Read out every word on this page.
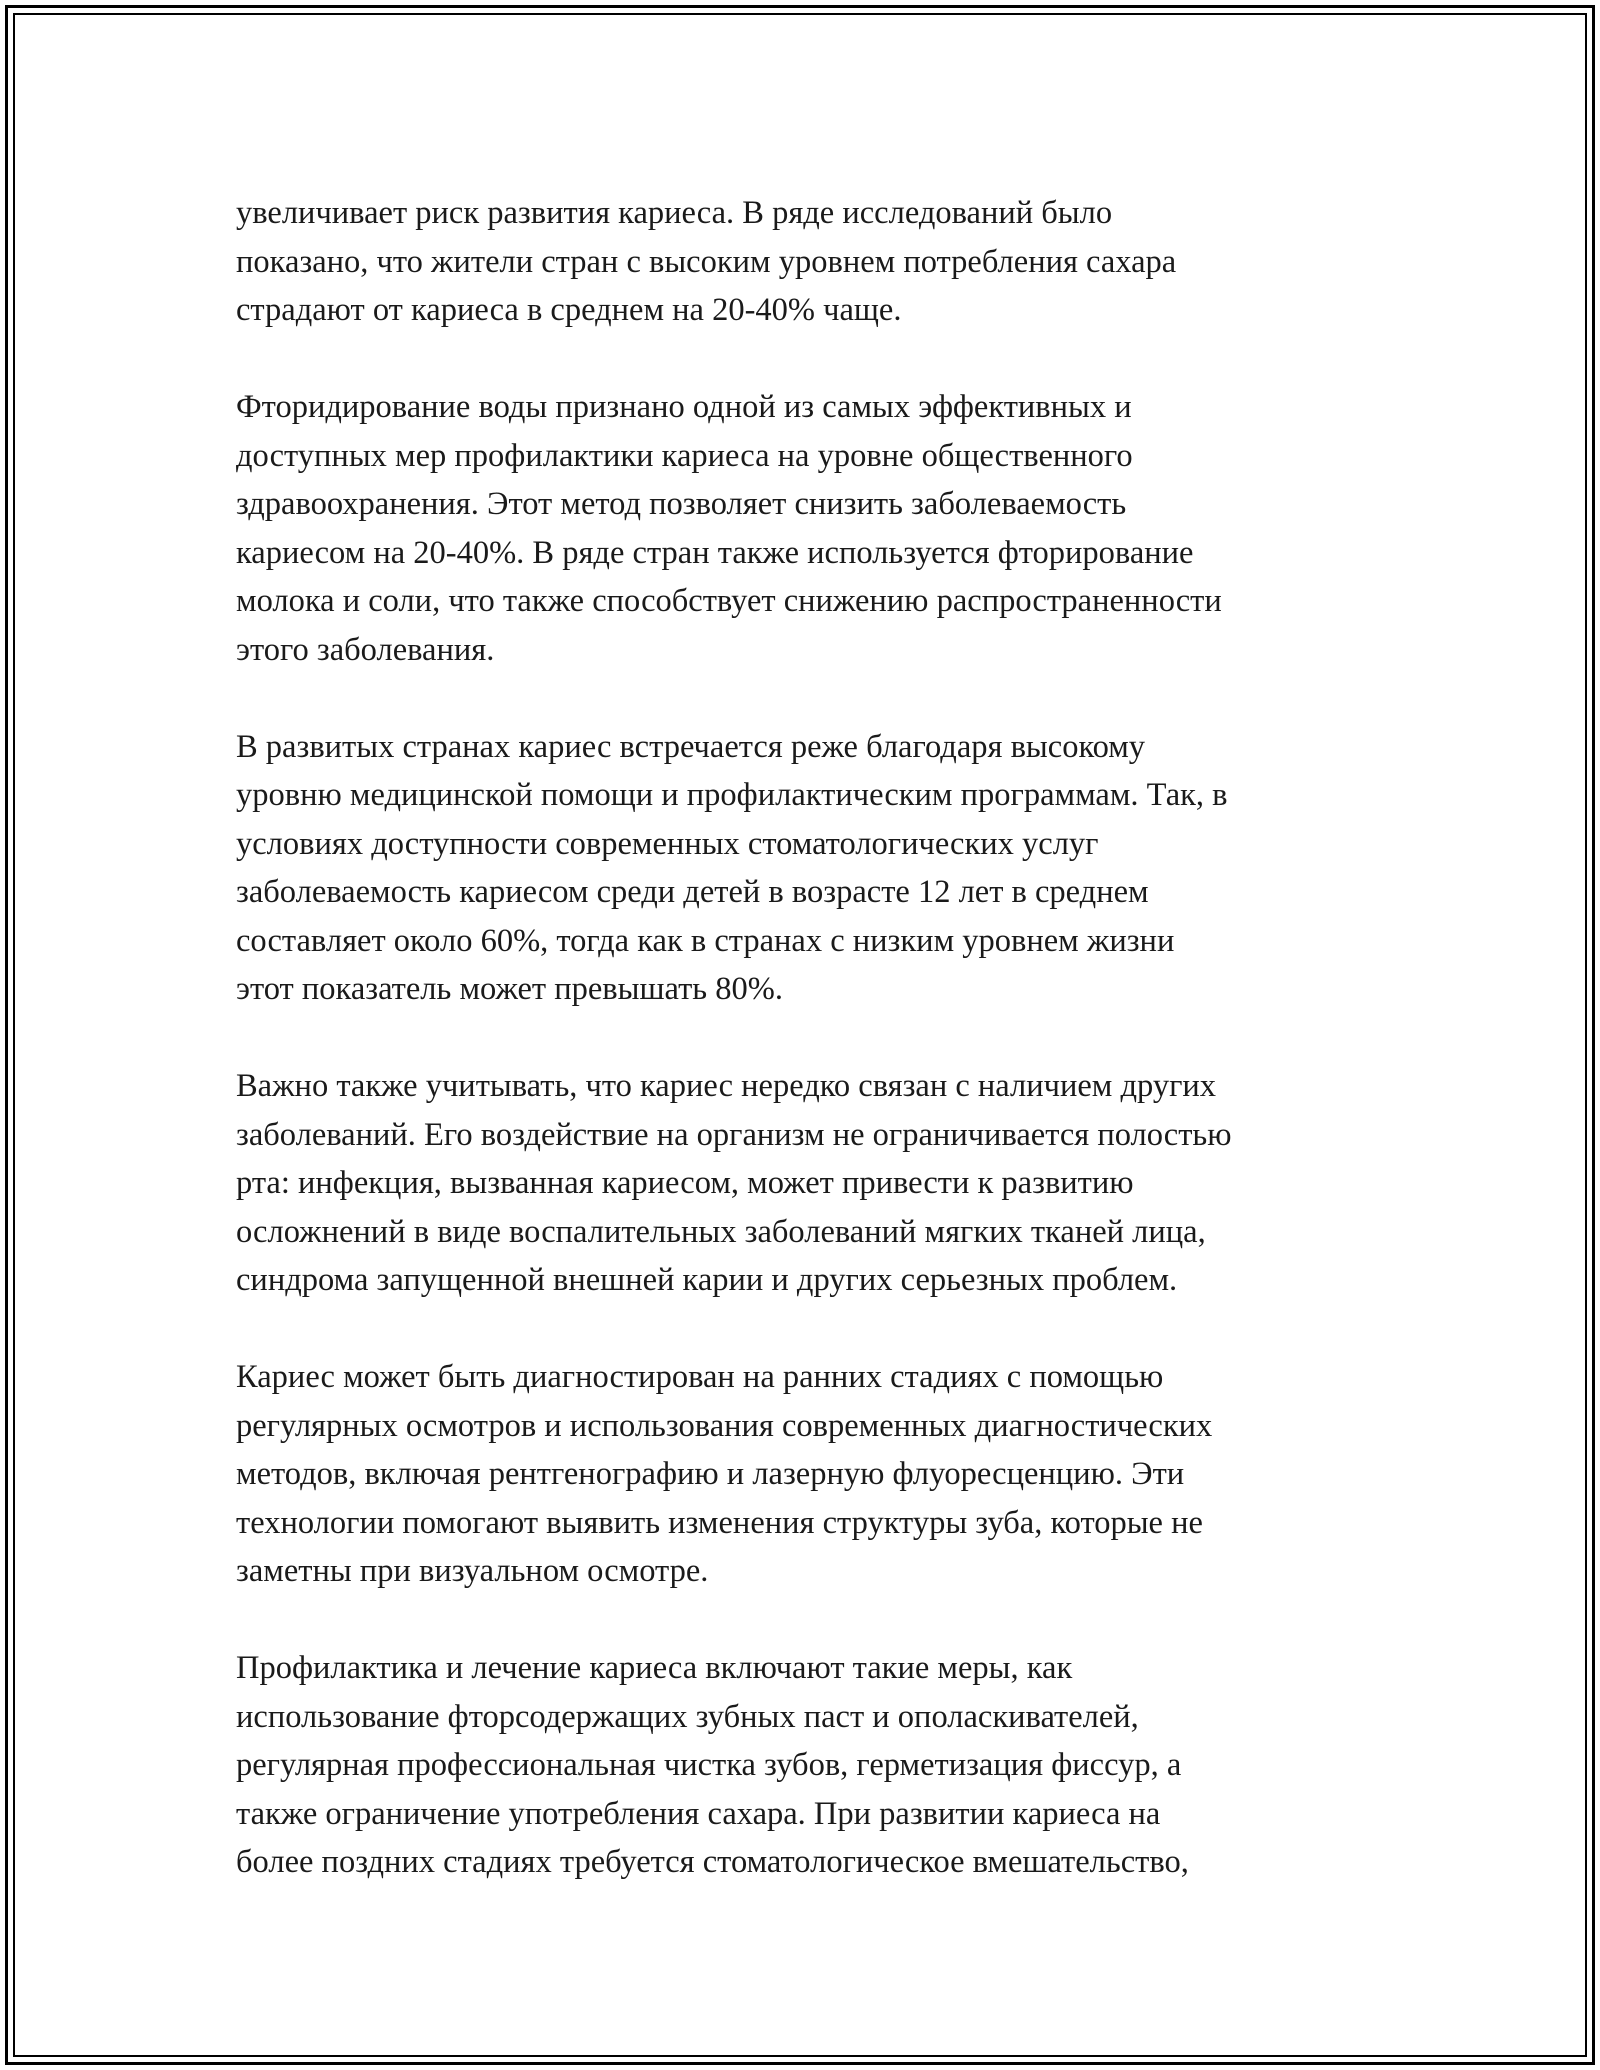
увеличивает риск развития кариеса. В ряде исследований было
показано, что жители стран с высоким уровнем потребления сахара
страдают от кариеса в среднем на 20-40% чаще.

Фторидирование воды признано одной из самых эффективных и
доступных мер профилактики кариеса на уровне общественного
здравоохранения. Этот метод позволяет снизить заболеваемость
кариесом на 20-40%. В ряде стран также используется фторирование
молока и соли, что также способствует снижению распространенности
этого заболевания.

В развитых странах кариес встречается реже благодаря высокому
уровню медицинской помощи и профилактическим программам. Так, в
условиях доступности современных стоматологических услуг
заболеваемость кариесом среди детей в возрасте 12 лет в среднем
составляет около 60%, тогда как в странах с низким уровнем жизни
этот показатель может превышать 80%.

Важно также учитывать, что кариес нередко связан с наличием других
заболеваний. Его воздействие на организм не ограничивается полостью
рта: инфекция, вызванная кариесом, может привести к развитию
осложнений в виде воспалительных заболеваний мягких тканей лица,
синдрома запущенной внешней карии и других серьезных проблем.

Кариес может быть диагностирован на ранних стадиях с помощью
регулярных осмотров и использования современных диагностических
методов, включая рентгенографию и лазерную флуоресценцию. Эти
технологии помогают выявить изменения структуры зуба, которые не
заметны при визуальном осмотре.

Профилактика и лечение кариеса включают такие меры, как
использование фторсодержащих зубных паст и ополаскивателей,
регулярная профессиональная чистка зубов, герметизация фиссур, а
также ограничение употребления сахара. При развитии кариеса на
более поздних стадиях требуется стоматологическое вмешательство,
